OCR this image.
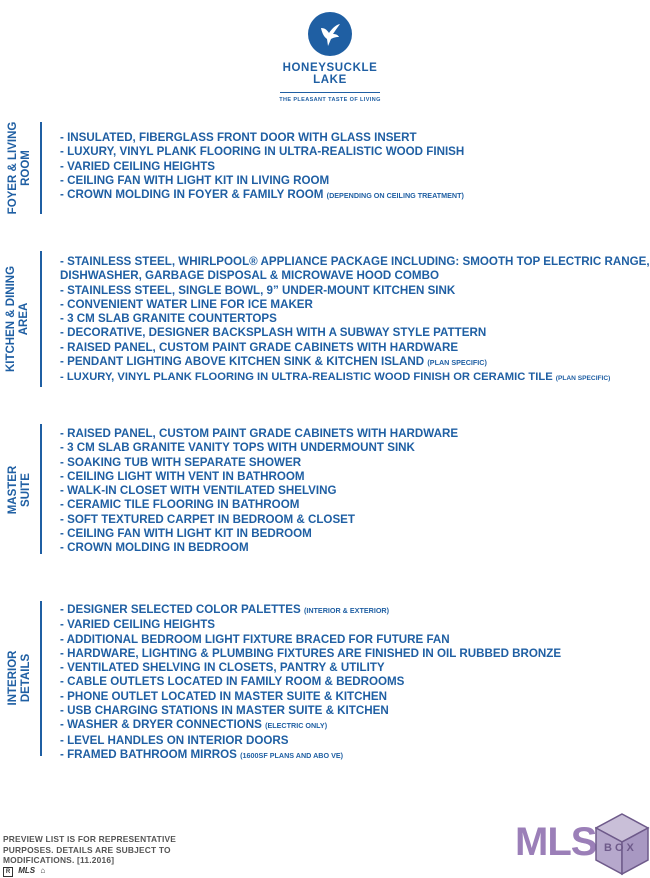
HONEYSUCKLE
LAKE
THE PLEASANT TASTE OF LIVING
FOYER & LIVING ROOM
- INSULATED, FIBERGLASS FRONT DOOR WITH GLASS INSERT
- LUXURY, VINYL PLANK FLOORING IN ULTRA-REALISTIC WOOD FINISH
- VARIED CEILING HEIGHTS
- CEILING FAN WITH LIGHT KIT IN LIVING ROOM
- CROWN MOLDING IN FOYER & FAMILY ROOM (DEPENDING ON CEILING TREATMENT)
KITCHEN & DINING AREA
- STAINLESS STEEL, WHIRLPOOL® APPLIANCE PACKAGE INCLUDING: SMOOTH TOP ELECTRIC RANGE,
DISHWASHER, GARBAGE DISPOSAL & MICROWAVE HOOD COMBO
- STAINLESS STEEL, SINGLE BOWL, 9” UNDER-MOUNT KITCHEN SINK
- CONVENIENT WATER LINE FOR ICE MAKER
- 3 CM SLAB GRANITE COUNTERTOPS
- DECORATIVE, DESIGNER BACKSPLASH WITH A SUBWAY STYLE PATTERN
- RAISED PANEL, CUSTOM PAINT GRADE CABINETS WITH HARDWARE
- PENDANT LIGHTING ABOVE KITCHEN SINK & KITCHEN ISLAND (PLAN SPECIFIC)
- LUXURY, VINYL PLANK FLOORING IN ULTRA-REALISTIC WOOD FINISH OR CERAMIC TILE (PLAN SPECIFIC)
MASTER SUITE
- RAISED PANEL, CUSTOM PAINT GRADE CABINETS WITH HARDWARE
- 3 CM SLAB GRANITE VANITY TOPS WITH UNDERMOUNT SINK
- SOAKING TUB WITH SEPARATE SHOWER
- CEILING LIGHT WITH VENT IN BATHROOM
- WALK-IN CLOSET WITH VENTILATED SHELVING
- CERAMIC TILE FLOORING IN BATHROOM
- SOFT TEXTURED CARPET IN BEDROOM & CLOSET
- CEILING FAN WITH LIGHT KIT IN BEDROOM
- CROWN MOLDING IN BEDROOM
INTERIOR DETAILS
- DESIGNER SELECTED COLOR PALETTES (INTERIOR & EXTERIOR)
- VARIED CEILING HEIGHTS
- ADDITIONAL BEDROOM LIGHT FIXTURE BRACED FOR FUTURE FAN
- HARDWARE, LIGHTING & PLUMBING FIXTURES ARE FINISHED IN OIL RUBBED BRONZE
- VENTILATED SHELVING IN CLOSETS, PANTRY & UTILITY
- CABLE OUTLETS LOCATED IN FAMILY ROOM & BEDROOMS
- PHONE OUTLET LOCATED IN MASTER SUITE & KITCHEN
- USB CHARGING STATIONS IN MASTER SUITE & KITCHEN
- WASHER & DRYER CONNECTIONS (ELECTRIC ONLY)
- LEVEL HANDLES ON INTERIOR DOORS
- FRAMED BATHROOM MIRROS (1600SF PLANS AND ABO VE)
PREVIEW LIST IS FOR REPRESENTATIVE
PURPOSES. DETAILS ARE SUBJECT TO
MODIFICATIONS. [11.2016]
R MLS ⌂
MLS BOX
